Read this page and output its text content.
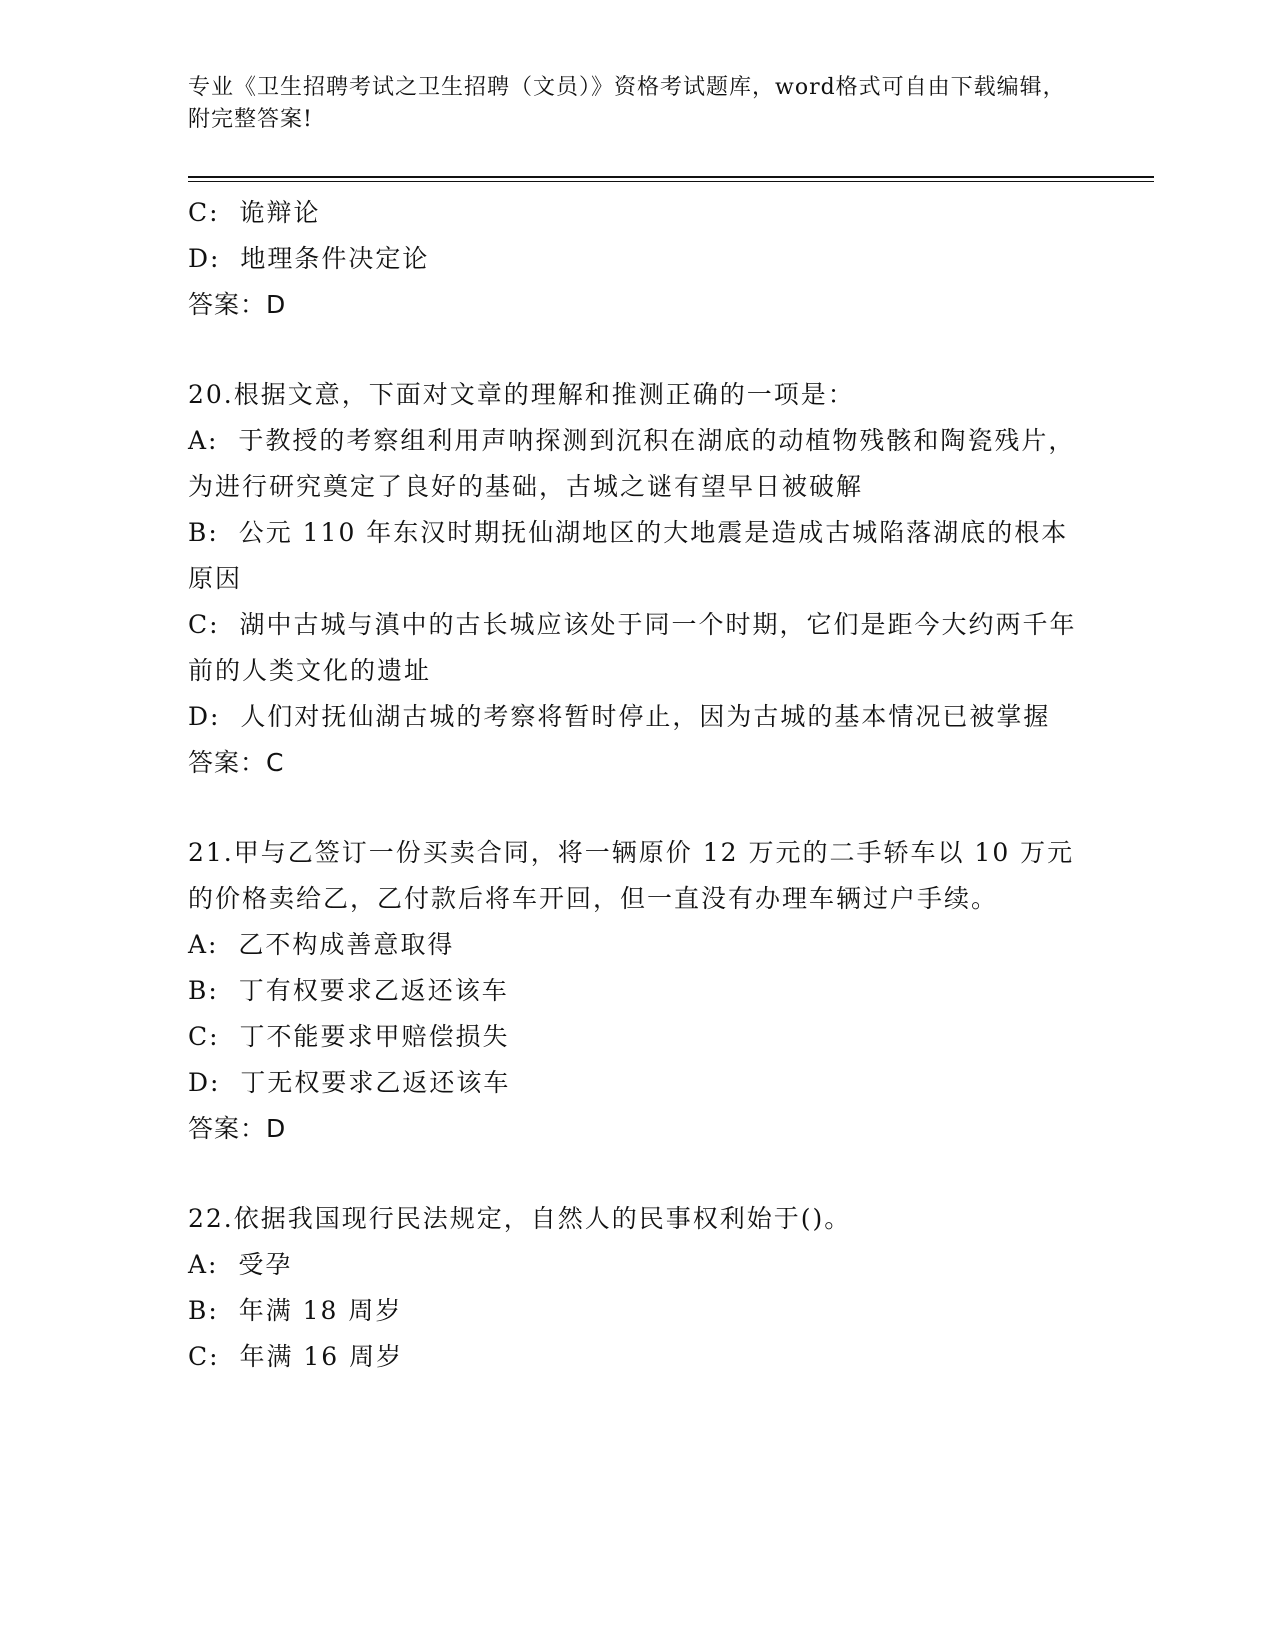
专业《卫生招聘考试之卫生招聘（文员）》资格考试题库，word格式可自由下载编辑，附完整答案!
C:  诡辩论
D:  地理条件决定论
答案：D
20.根据文意，下面对文章的理解和推测正确的一项是：
A:  于教授的考察组利用声呐探测到沉积在湖底的动植物残骸和陶瓷残片，为进行研究奠定了良好的基础，古城之谜有望早日被破解
B:  公元 110 年东汉时期抚仙湖地区的大地震是造成古城陷落湖底的根本原因
C:  湖中古城与滇中的古长城应该处于同一个时期，它们是距今大约两千年前的人类文化的遗址
D:  人们对抚仙湖古城的考察将暂时停止，因为古城的基本情况已被掌握
答案：C
21.甲与乙签订一份买卖合同，将一辆原价 12 万元的二手轿车以 10 万元的价格卖给乙，乙付款后将车开回，但一直没有办理车辆过户手续。
A:  乙不构成善意取得
B:  丁有权要求乙返还该车
C:  丁不能要求甲赔偿损失
D:  丁无权要求乙返还该车
答案：D
22.依据我国现行民法规定，自然人的民事权利始于()。
A:  受孕
B:  年满 18 周岁
C:  年满 16 周岁
